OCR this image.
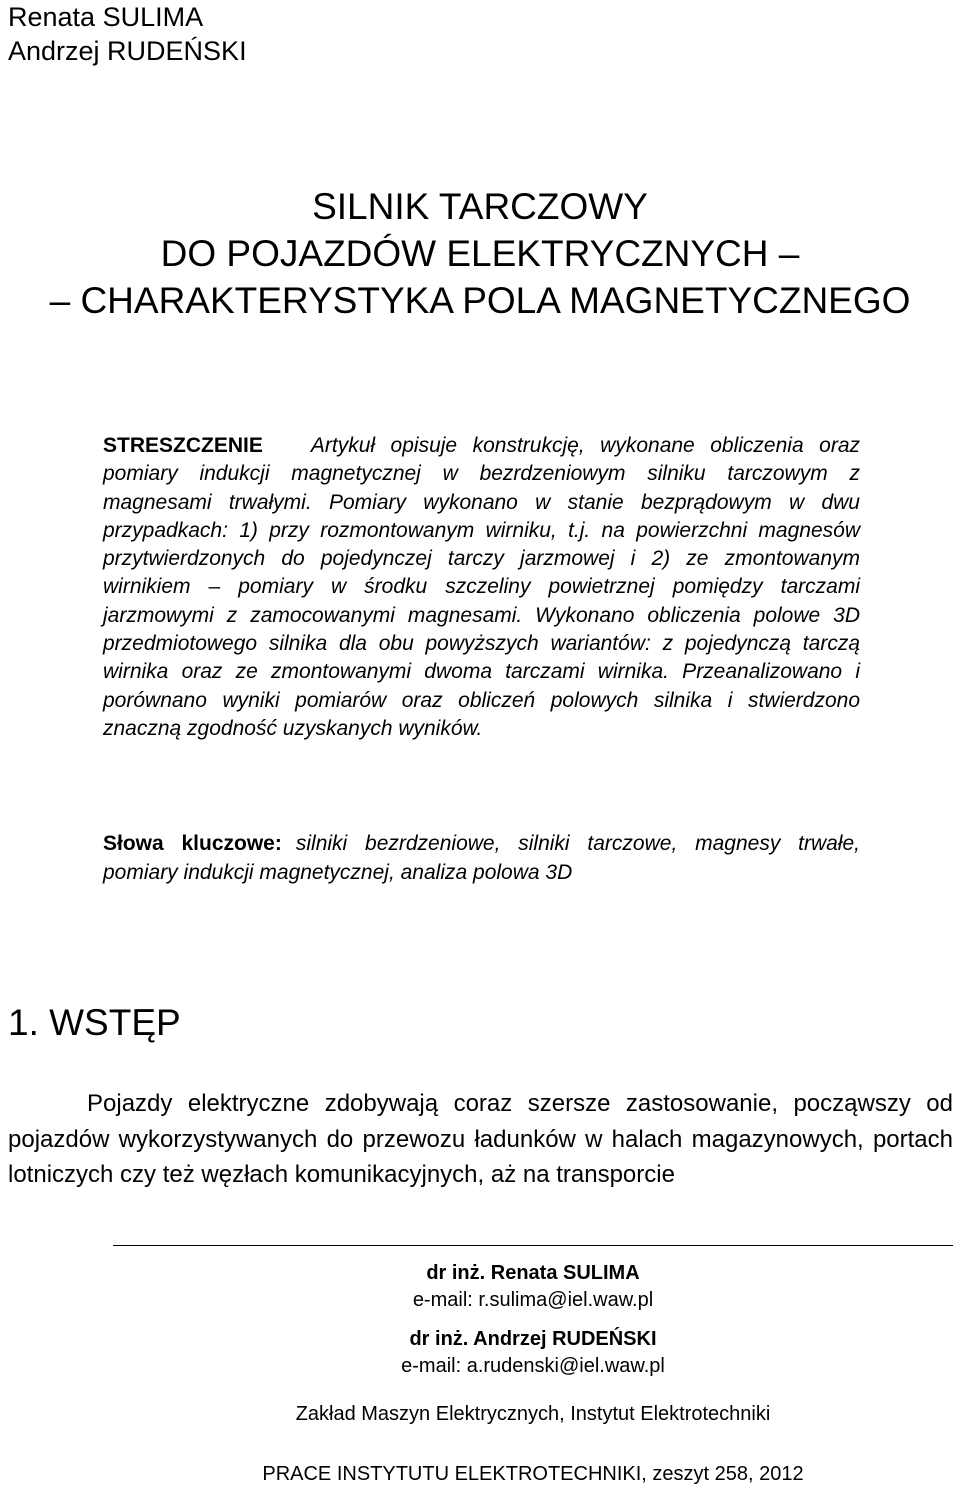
Renata SULIMA
Andrzej RUDEŃSKI
SILNIK TARCZOWY
DO POJAZDÓW ELEKTRYCZNYCH –
– CHARAKTERYSTYKA POLA MAGNETYCZNEGO
STRESZCZENIE Artykuł opisuje konstrukcję, wykonane obliczenia oraz pomiary indukcji magnetycznej w bezrdzeniowym silniku tarczowym z magnesami trwałymi. Pomiary wykonano w stanie bezprądowym w dwu przypadkach: 1) przy rozmontowanym wirniku, t.j. na powierzchni magnesów przytwierdzonych do pojedynczej tarczy jarzmowej i 2) ze zmontowanym wirnikiem – pomiary w środku szczeliny powietrznej pomiędzy tarczami jarzmowymi z zamocowanymi magnesami. Wykonano obliczenia polowe 3D przedmiotowego silnika dla obu powyższych wariantów: z pojedynczą tarczą wirnika oraz ze zmontowanymi dwoma tarczami wirnika. Przeanalizowano i porównano wyniki pomiarów oraz obliczeń polowych silnika i stwierdzono znaczną zgodność uzyskanych wyników.
Słowa kluczowe: silniki bezrdzeniowe, silniki tarczowe, magnesy trwałe, pomiary indukcji magnetycznej, analiza polowa 3D
1. WSTĘP
Pojazdy elektryczne zdobywają coraz szersze zastosowanie, począwszy od pojazdów wykorzystywanych do przewozu ładunków w halach magazynowych, portach lotniczych czy też węzłach komunikacyjnych, aż na transporcie
dr inż. Renata SULIMA
e-mail: r.sulima@iel.waw.pl
dr inż. Andrzej RUDEŃSKI
e-mail: a.rudenski@iel.waw.pl
Zakład Maszyn Elektrycznych, Instytut Elektrotechniki
PRACE INSTYTUTU ELEKTROTECHNIKI, zeszyt 258, 2012
